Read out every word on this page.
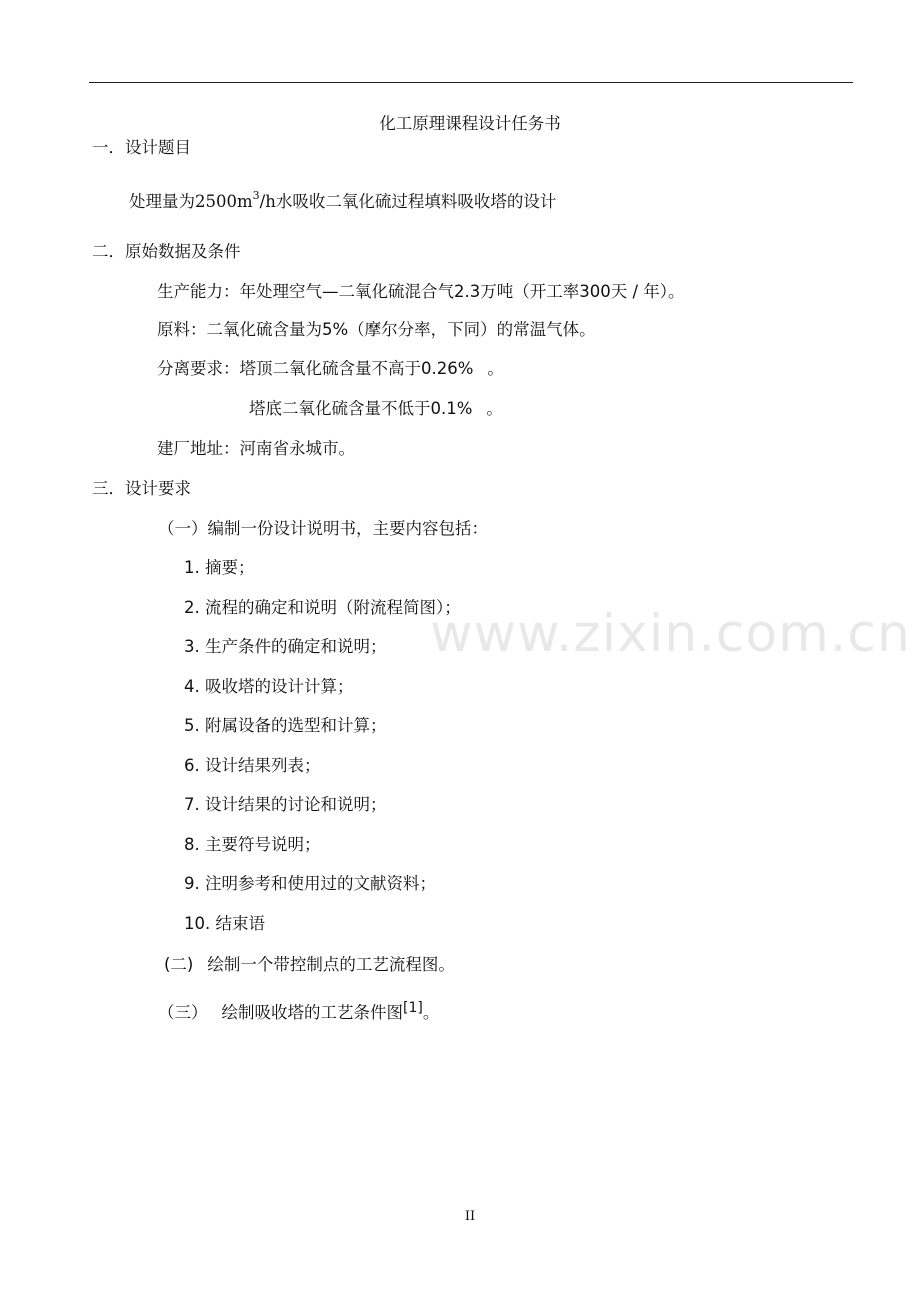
www.zixin.com.cn
化工原理课程设计任务书
一．设计题目
处理量为$2500m^3/h$水吸收二氧化硫过程填料吸收塔的设计
二．原始数据及条件
生产能力：年处理空气—二氧化硫混合气2.3万吨（开工率300天 / 年）。
原料：二氧化硫含量为5%（摩尔分率，下同）的常温气体。
分离要求：塔顶二氧化硫含量不高于0.26% 。
塔底二氧化硫含量不低于0.1% 。
建厂地址：河南省永城市。
三．设计要求
（一）编制一份设计说明书，主要内容包括：
1. 摘要；
2. 流程的确定和说明（附流程简图）；
3. 生产条件的确定和说明；
4. 吸收塔的设计计算；
5. 附属设备的选型和计算；
6. 设计结果列表；
7. 设计结果的讨论和说明；
8. 主要符号说明；
9. 注明参考和使用过的文献资料；
10. 结束语
(二) 绘制一个带控制点的工艺流程图。
（三） 绘制吸收塔的工艺条件图[1]。
II
